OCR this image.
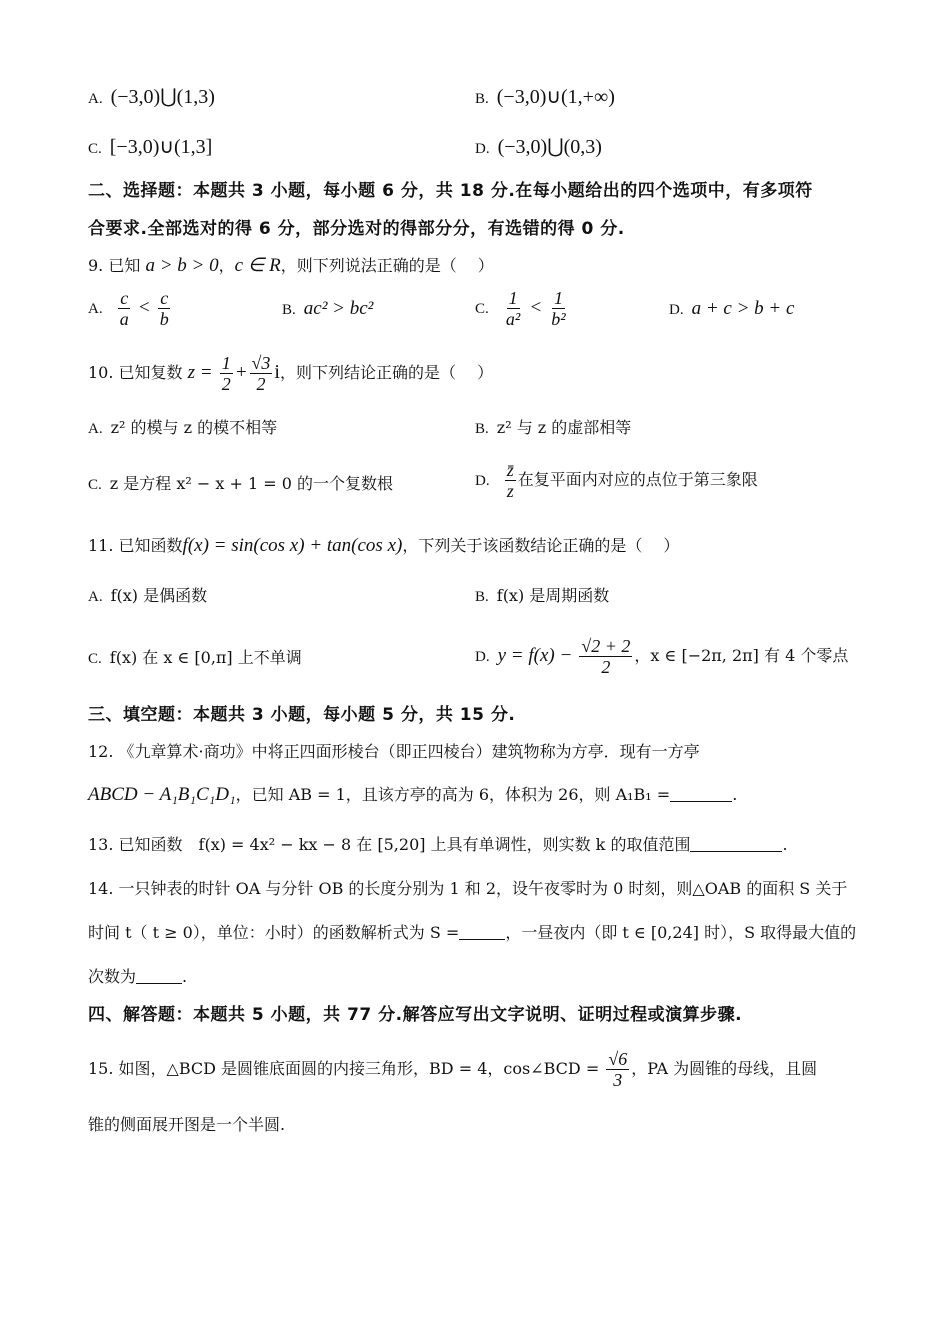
A. (−3,0)⋃(1,3)	B. (−3,0)∪(1,+∞)
C. [−3,0)∪(1,3]	D. (−3,0)⋃(0,3)
二、选择题：本题共 3 小题，每小题 6 分，共 18 分.在每小题给出的四个选项中，有多项符
合要求.全部选对的得 6 分，部分选对的得部分分，有选错的得 0 分.
9. 已知 a > b > 0，c ∈ R，则下列说法正确的是（　 ）
A. $\frac{c}{a} < \frac{c}{b}$	B. ac² > bc²	C. $\frac{1}{\text{a²}} < \frac{1}{\text{b²}}$	D. a + c > b + c
10. 已知复数 $z = \frac{1}{2} + \frac{√3}{2}$ i，则下列结论正确的是（　 ）
A. z² 的模与 z 的模不相等	B. z² 与 z 的虚部相等
C. z 是方程 x² − x + 1 = 0 的一个复数根	D. $\frac{z̄}{z}$ 在复平面内对应的点位于第三象限
11. 已知函数f(x) = sin(cos x) + tan(cos x)，下列关于该函数结论正确的是（　 ）
A. f(x) 是偶函数	B. f(x) 是周期函数
C. f(x) 在 x ∈ [0,π] 上不单调	D. $y = f(x) - \frac{√2 + 2}{2}$ ，x ∈ [−2π, 2π] 有 4 个零点
三、填空题：本题共 3 小题，每小题 5 分，共 15 分.
12. 《九章算术·商功》中将正四面形棱台（即正四棱台）建筑物称为方亭．现有一方亭
ABCD − A₁B₁C₁D₁，已知 AB = 1，且该方亭的高为 6，体积为 26，则 A₁B₁ =	.
13. 已知函数　f(x) = 4x² − kx − 8 在 [5,20] 上具有单调性，则实数 k 的取值范围	.
14. 一只钟表的时针 OA 与分针 OB 的长度分别为 1 和 2，设午夜零时为 0 时刻，则△OAB 的面积 S 关于
时间 t（ t ≥ 0），单位：小时）的函数解析式为 S =	，一昼夜内（即 t ∈ [0,24] 时），S 取得最大值的
次数为	.
四、解答题：本题共 5 小题，共 77 分.解答应写出文字说明、证明过程或演算步骤.
15. 如图，△BCD 是圆锥底面圆的内接三角形，BD = 4，cos∠BCD = $\frac{√6}{3}$ ，PA 为圆锥的母线，且圆
锥的侧面展开图是一个半圆.
